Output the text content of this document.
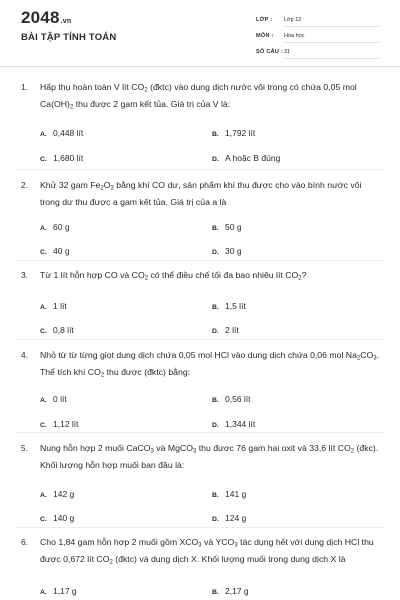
2048.vn
BÀI TẬP TÍNH TOÁN
LỚP : Lớp 12
MÔN : Hóa học
SỐ CÂU : 31
1. Hấp thụ hoàn toàn V lít $CO_2$ (đktc) vào dung dịch nước vôi trong có chứa 0,05 mol $Ca(OH)_2$ thu được 2 gam kết tủa. Giá trị của V là:
A. 0,448 lít	B. 1,792 lít
C. 1,680 lít	D. A hoặc B đúng
2. Khử 32 gam $Fe_2O_3$ bằng khí CO dư, sản phẩm khí thu được cho vào bình nước vôi trong dư thu được a gam kết tủa. Giá trị của a là
A. 60 g	B. 50 g
C. 40 g	D. 30 g
3. Từ 1 lít hỗn hợp CO và $CO_2$ có thể điều chế tối đa bao nhiêu lít $CO_2$?
A. 1 lít	B. 1,5 lít
C. 0,8 lít	D. 2 lít
4. Nhỏ từ từ từng giọt dung dịch chứa 0,05 mol HCl vào dung dịch chứa 0,06 mol $Na_2CO_3$. Thể tích khí $CO_2$ thu được (đktc) bằng:
A. 0 lít	B. 0,56 lít
C. 1,12 lít	D. 1,344 lít
5. Nung hỗn hợp 2 muối CaCO$_3$ và MgCO$_3$ thu được 76 gam hai oxit và 33,6 lít $CO_2$ (đkc). Khối lượng hỗn hợp muối ban đầu là:
A. 142 g	B. 141 g
C. 140 g	D. 124 g
6. Cho 1,84 gam hỗn hợp 2 muối gồm $XCO_3$ và $YCO_3$ tác dụng hết với dung dịch HCl thu được 0,672 lít $CO_2$ (đktc) và dung dịch X. Khối lượng muối trong dung dịch X là
A. 1,17 g	B. 2,17 g
